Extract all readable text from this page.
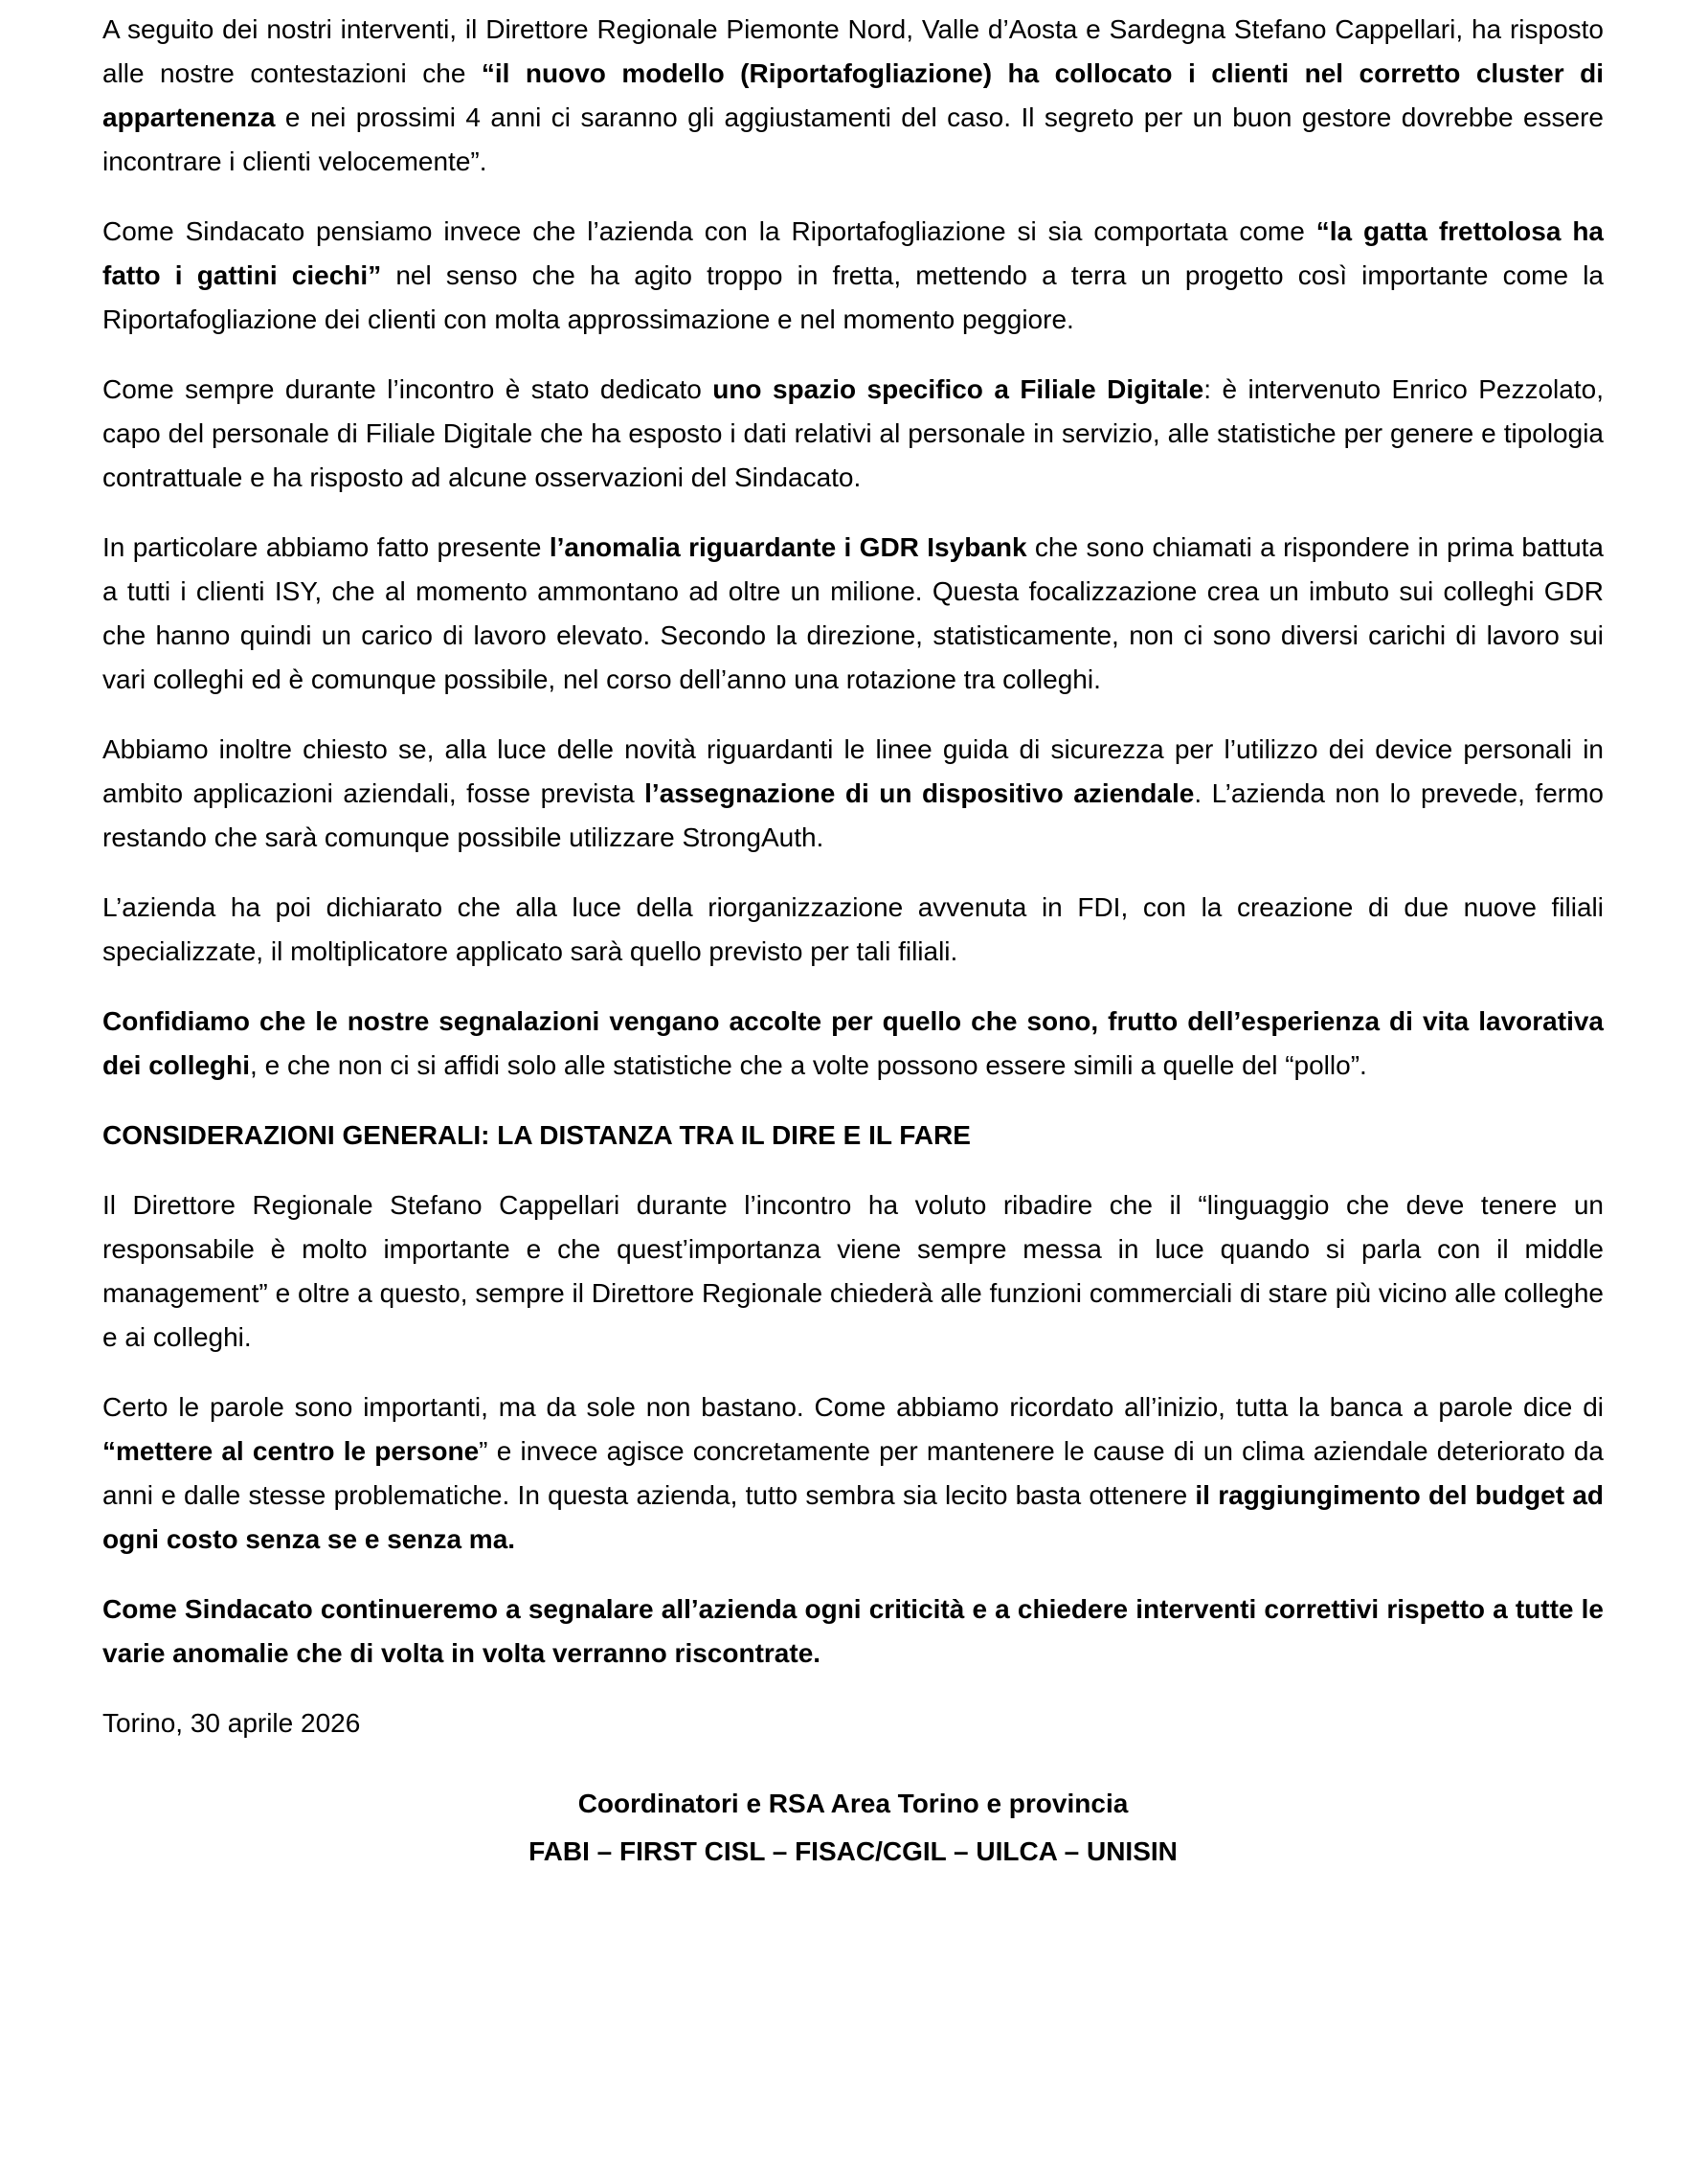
A seguito dei nostri interventi, il Direttore Regionale Piemonte Nord, Valle d’Aosta e Sardegna Stefano Cappellari, ha risposto alle nostre contestazioni che “il nuovo modello (Riportafogliazione) ha collocato i clienti nel corretto cluster di appartenenza e nei prossimi 4 anni ci saranno gli aggiustamenti del caso. Il segreto per un buon gestore dovrebbe essere incontrare i clienti velocemente”.

Come Sindacato pensiamo invece che l’azienda con la Riportafogliazione si sia comportata come “la gatta frettolosa ha fatto i gattini ciechi” nel senso che ha agito troppo in fretta, mettendo a terra un progetto così importante come la Riportafogliazione dei clienti con molta approssimazione e nel momento peggiore.

Come sempre durante l’incontro è stato dedicato uno spazio specifico a Filiale Digitale: è intervenuto Enrico Pezzolato, capo del personale di Filiale Digitale che ha esposto i dati relativi al personale in servizio, alle statistiche per genere e tipologia contrattuale e ha risposto ad alcune osservazioni del Sindacato.

In particolare abbiamo fatto presente l’anomalia riguardante i GDR Isybank che sono chiamati a rispondere in prima battuta a tutti i clienti ISY, che al momento ammontano ad oltre un milione. Questa focalizzazione crea un imbuto sui colleghi GDR che hanno quindi un carico di lavoro elevato. Secondo la direzione, statisticamente, non ci sono diversi carichi di lavoro sui vari colleghi ed è comunque possibile, nel corso dell’anno una rotazione tra colleghi.

Abbiamo inoltre chiesto se, alla luce delle novità riguardanti le linee guida di sicurezza per l’utilizzo dei device personali in ambito applicazioni aziendali, fosse prevista l’assegnazione di un dispositivo aziendale. L’azienda non lo prevede, fermo restando che sarà comunque possibile utilizzare StrongAuth.

L’azienda ha poi dichiarato che alla luce della riorganizzazione avvenuta in FDI, con la creazione di due nuove filiali specializzate, il moltiplicatore applicato sarà quello previsto per tali filiali.

Confidiamo che le nostre segnalazioni vengano accolte per quello che sono, frutto dell’esperienza di vita lavorativa dei colleghi, e che non ci si affidi solo alle statistiche che a volte possono essere simili a quelle del “pollo”.

CONSIDERAZIONI GENERALI: LA DISTANZA TRA IL DIRE E IL FARE

Il Direttore Regionale Stefano Cappellari durante l’incontro ha voluto ribadire che il “linguaggio che deve tenere un responsabile è molto importante e che quest’importanza viene sempre messa in luce quando si parla con il middle management” e oltre a questo, sempre il Direttore Regionale chiederà alle funzioni commerciali di stare più vicino alle colleghe e ai colleghi.

Certo le parole sono importanti, ma da sole non bastano. Come abbiamo ricordato all’inizio, tutta la banca a parole dice di “mettere al centro le persone” e invece agisce concretamente per mantenere le cause di un clima aziendale deteriorato da anni e dalle stesse problematiche. In questa azienda, tutto sembra sia lecito basta ottenere il raggiungimento del budget ad ogni costo senza se e senza ma.

Come Sindacato continueremo a segnalare all’azienda ogni criticità e a chiedere interventi correttivi rispetto a tutte le varie anomalie che di volta in volta verranno riscontrate.

Torino, 30 aprile 2026

Coordinatori e RSA Area Torino e provincia
FABI – FIRST CISL – FISAC/CGIL – UILCA – UNISIN
